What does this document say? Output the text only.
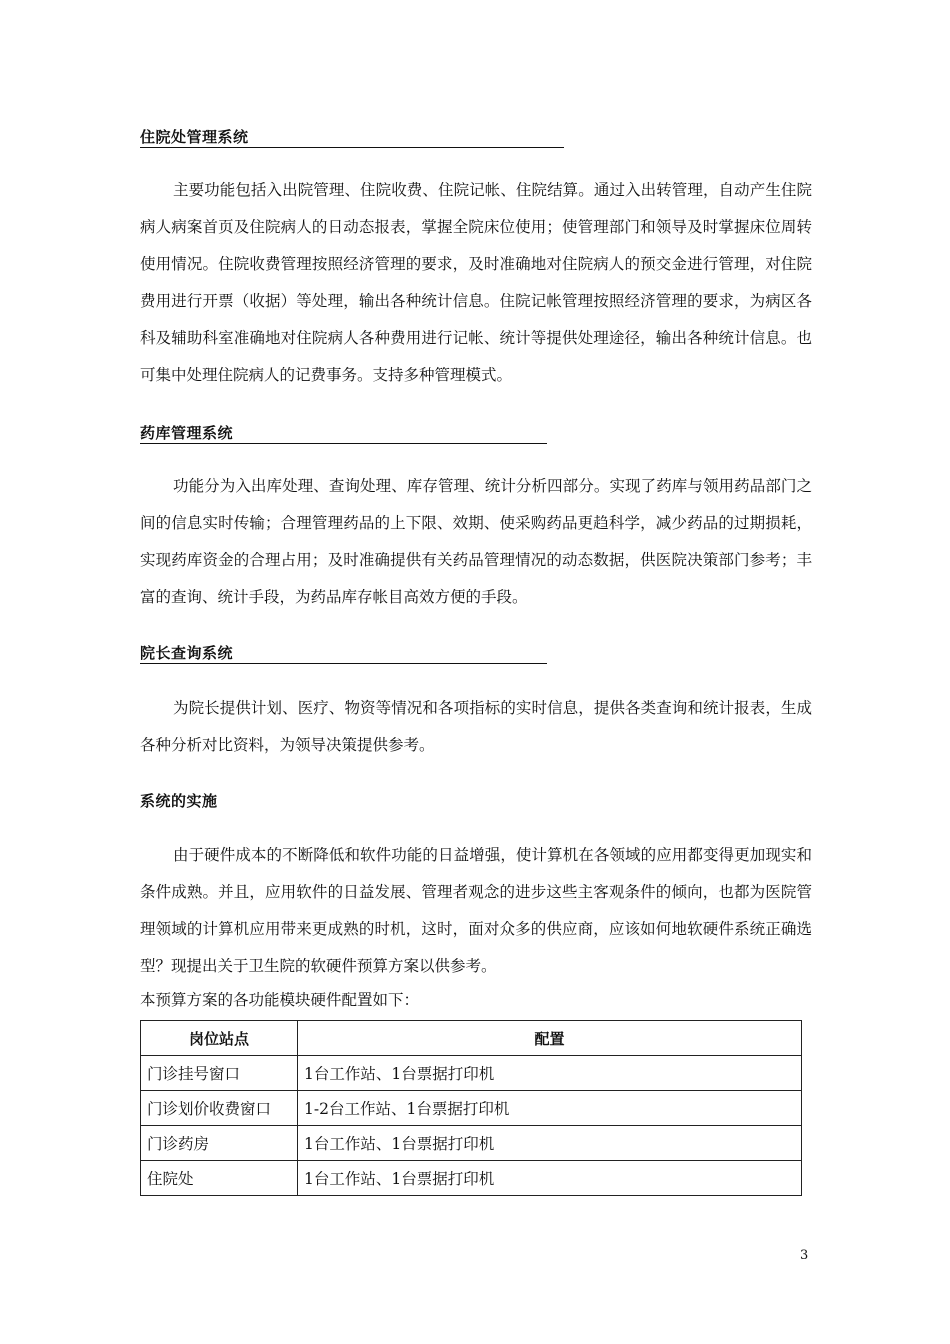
住院处管理系统

主要功能包括入出院管理、住院收费、住院记帐、住院结算。通过入出转管理，自动产生住院病人病案首页及住院病人的日动态报表，掌握全院床位使用；使管理部门和领导及时掌握床位周转使用情况。住院收费管理按照经济管理的要求，及时准确地对住院病人的预交金进行管理，对住院费用进行开票（收据）等处理，输出各种统计信息。住院记帐管理按照经济管理的要求，为病区各科及辅助科室准确地对住院病人各种费用进行记帐、统计等提供处理途径，输出各种统计信息。也可集中处理住院病人的记费事务。支持多种管理模式。

药库管理系统

功能分为入出库处理、查询处理、库存管理、统计分析四部分。实现了药库与领用药品部门之间的信息实时传输；合理管理药品的上下限、效期、使采购药品更趋科学，减少药品的过期损耗，实现药库资金的合理占用；及时准确提供有关药品管理情况的动态数据，供医院决策部门参考；丰富的查询、统计手段，为药品库存帐目高效方便的手段。

院长查询系统

为院长提供计划、医疗、物资等情况和各项指标的实时信息，提供各类查询和统计报表，生成各种分析对比资料，为领导决策提供参考。

系统的实施

由于硬件成本的不断降低和软件功能的日益增强，使计算机在各领域的应用都变得更加现实和条件成熟。并且，应用软件的日益发展、管理者观念的进步这些主客观条件的倾向，也都为医院管理领域的计算机应用带来更成熟的时机，这时，面对众多的供应商，应该如何地软硬件系统正确选型？现提出关于卫生院的软硬件预算方案以供参考。

本预算方案的各功能模块硬件配置如下：
岗位站点	配置
门诊挂号窗口	1台工作站、1台票据打印机
门诊划价收费窗口	1-2台工作站、1台票据打印机
门诊药房	1台工作站、1台票据打印机
住院处	1台工作站、1台票据打印机
3
